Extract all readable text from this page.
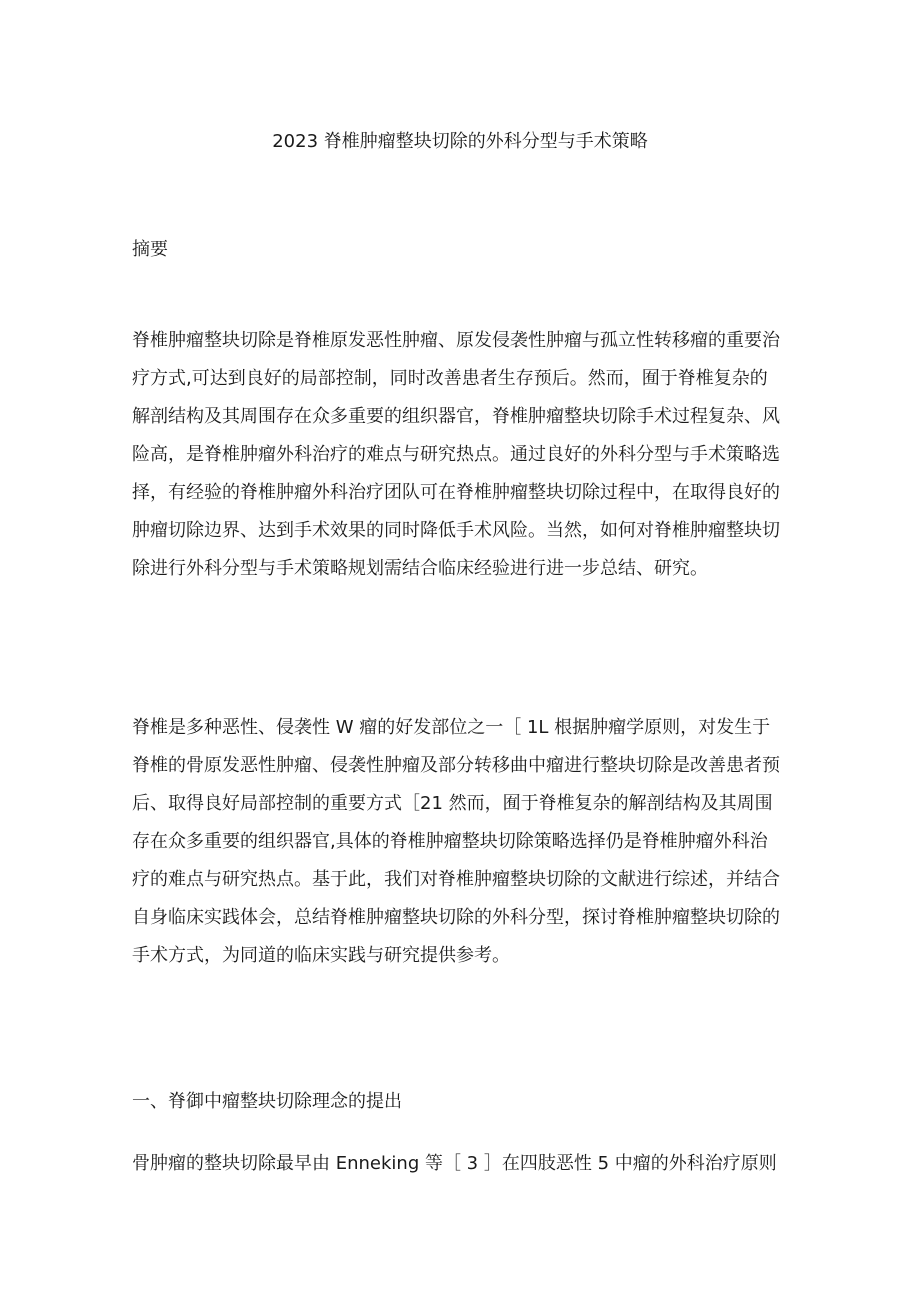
2023 脊椎肿瘤整块切除的外科分型与手术策略
摘要

脊椎肿瘤整块切除是脊椎原发恶性肿瘤、原发侵袭性肿瘤与孤立性转移瘤的重要治
疗方式,可达到良好的局部控制，同时改善患者生存预后。然而，囿于脊椎复杂的
解剖结构及其周围存在众多重要的组织器官，脊椎肿瘤整块切除手术过程复杂、风
险高，是脊椎肿瘤外科治疗的难点与研究热点。通过良好的外科分型与手术策略选
择，有经验的脊椎肿瘤外科治疗团队可在脊椎肿瘤整块切除过程中，在取得良好的
肿瘤切除边界、达到手术效果的同时降低手术风险。当然，如何对脊椎肿瘤整块切
除进行外科分型与手术策略规划需结合临床经验进行进一步总结、研究。

脊椎是多种恶性、侵袭性 W 瘤的好发部位之一［ 1L 根据肿瘤学原则，对发生于
脊椎的骨原发恶性肿瘤、侵袭性肿瘤及部分转移曲中瘤进行整块切除是改善患者预
后、取得良好局部控制的重要方式［21 然而，囿于脊椎复杂的解剖结构及其周围
存在众多重要的组织器官,具体的脊椎肿瘤整块切除策略选择仍是脊椎肿瘤外科治
疗的难点与研究热点。基于此，我们对脊椎肿瘤整块切除的文献进行综述，并结合
自身临床实践体会，总结脊椎肿瘤整块切除的外科分型，探讨脊椎肿瘤整块切除的
手术方式，为同道的临床实践与研究提供参考。

一、脊御中瘤整块切除理念的提出

骨肿瘤的整块切除最早由 Enneking 等［ 3 ］在四肢恶性 5 中瘤的外科治疗原则
